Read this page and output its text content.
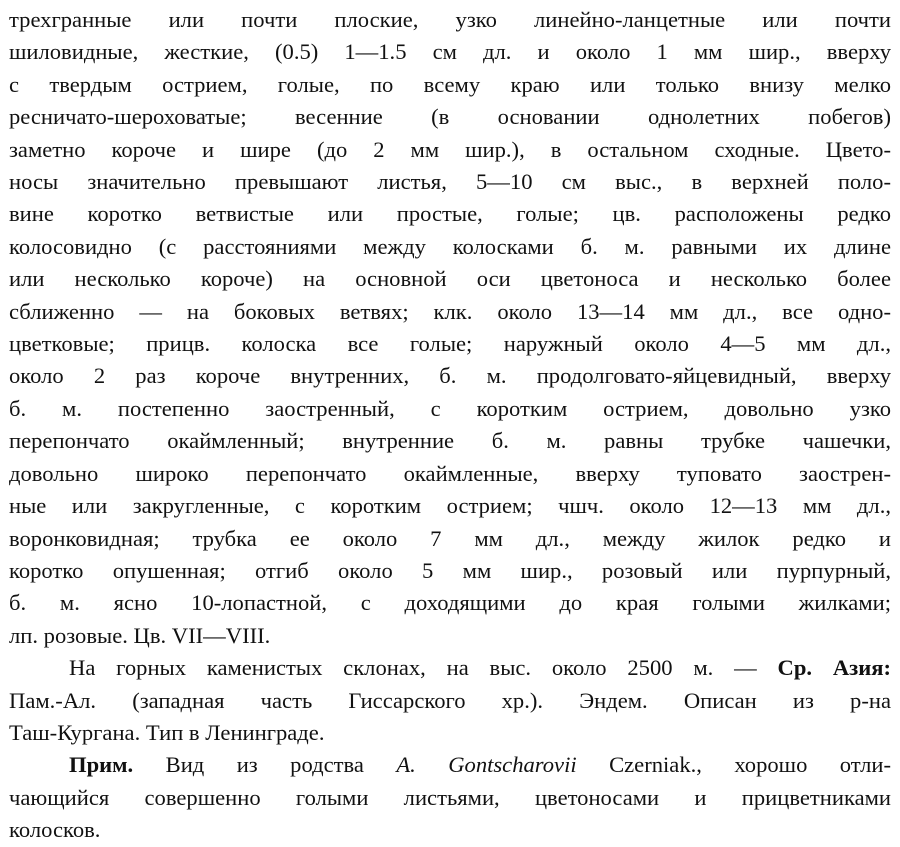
трехгранные или почти плоские, узко линейно-ланцетные или почти
шиловидные, жесткие, (0.5) 1—1.5 см дл. и около 1 мм шир., вверху
с твердым острием, голые, по всему краю или только внизу мелко
ресничато-шероховатые; весенние (в основании однолетних побегов)
заметно короче и шире (до 2 мм шир.), в остальном сходные. Цвето-
носы значительно превышают листья, 5—10 см выс., в верхней поло-
вине коротко ветвистые или простые, голые; цв. расположены редко
колосовидно (с расстояниями между колосками б. м. равными их длине
или несколько короче) на основной оси цветоноса и несколько более
сближенно — на боковых ветвях; клк. около 13—14 мм дл., все одно-
цветковые; прицв. колоска все голые; наружный около 4—5 мм дл.,
около 2 раз короче внутренних, б. м. продолговато-яйцевидный, вверху
б. м. постепенно заостренный, с коротким острием, довольно узко
перепончато окаймленный; внутренние б. м. равны трубке чашечки,
довольно широко перепончато окаймленные, вверху туповато заострен-
ные или закругленные, с коротким острием; чшч. около 12—13 мм дл.,
воронковидная; трубка ее около 7 мм дл., между жилок редко и
коротко опушенная; отгиб около 5 мм шир., розовый или пурпурный,
б. м. ясно 10-лопастной, с доходящими до края голыми жилками;
лп. розовые. Цв. VII—VIII.

На горных каменистых склонах, на выс. около 2500 м. — Ср. Азия:
Пам.-Ал. (западная часть Гиссарского хр.). Эндем. Описан из р-на
Таш-Кургана. Тип в Ленинграде.

Прим. Вид из родства A. Gontscharovii Czerniak., хорошо отли-
чающийся совершенно голыми листьями, цветоносами и прицветниками
колосков.
